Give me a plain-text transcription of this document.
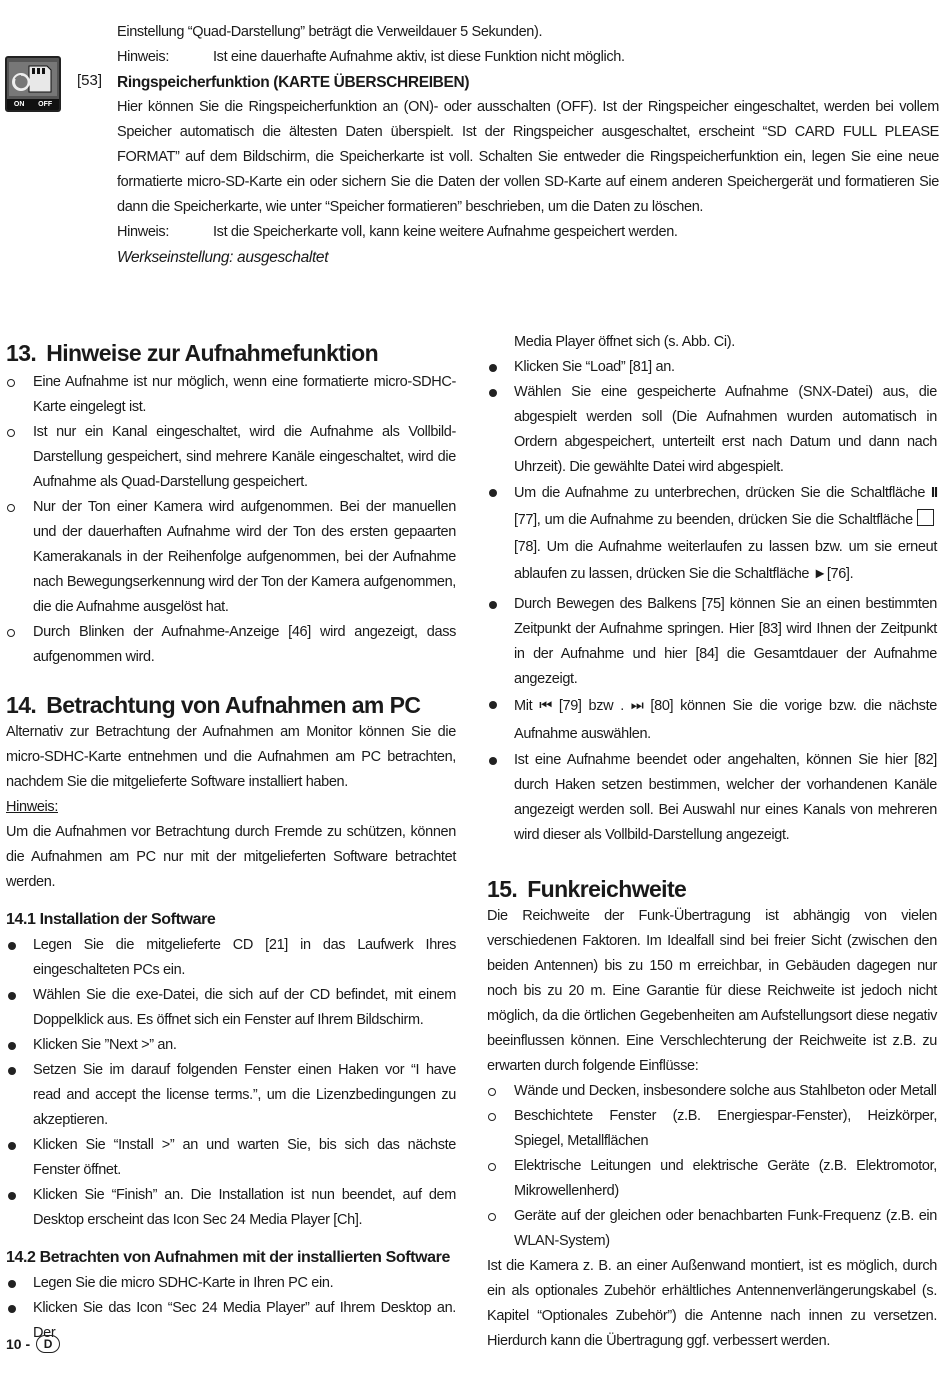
ON OFF
[53]

Einstellung “Quad-Darstellung” beträgt die Verweildauer 5 Sekunden).

Hinweis:	Ist eine dauerhafte Aufnahme aktiv, ist diese Funktion nicht möglich.

Ringspeicherfunktion (KARTE ÜBERSCHREIBEN)

Hier können Sie die Ringspeicherfunktion an (ON)- oder ausschalten (OFF). Ist der Ringspeicher eingeschaltet, werden bei vollem Speicher automatisch die ältesten Daten überspielt. Ist der Ringspeicher ausgeschaltet, erscheint “SD CARD FULL PLEASE FORMAT” auf dem Bildschirm, die Speicherkarte ist voll. Schalten Sie entweder die Ringspeicherfunktion ein, legen Sie eine neue formatierte micro-SD-Karte ein oder sichern Sie die Daten der vollen SD-Karte auf einem anderen Speichergerät und formatieren Sie dann die Speicherkarte, wie unter “Speicher formatieren” beschrieben, um die Daten zu löschen.

Hinweis:	Ist die Speicherkarte voll, kann keine weitere Aufnahme gespeichert werden.

Werkseinstellung: ausgeschaltet

13. Hinweise zur Aufnahmefunktion
Eine Aufnahme ist nur möglich, wenn eine formatierte micro-SDHC-Karte eingelegt ist.
Ist nur ein Kanal eingeschaltet, wird die Aufnahme als Vollbild-Darstellung gespeichert, sind mehrere Kanäle eingeschaltet, wird die Aufnahme als Quad-Darstellung gespeichert.
Nur der Ton einer Kamera wird aufgenommen. Bei der manuellen und der dauerhaften Aufnahme wird der Ton des ersten gepaarten Kamerakanals in der Reihenfolge aufgenommen, bei der Aufnahme nach Bewegungserkennung wird der Ton der Kamera aufgenommen, die die Aufnahme ausgelöst hat.
Durch Blinken der Aufnahme-Anzeige [46] wird angezeigt, dass aufgenommen wird.
14. Betrachtung von Aufnahmen am PC

Alternativ zur Betrachtung der Aufnahmen am Monitor können Sie die micro-SDHC-Karte entnehmen und die Aufnahmen am PC betrachten, nachdem Sie die mitgelieferte Software installiert haben.

Hinweis:

Um die Aufnahmen vor Betrachtung durch Fremde zu schützen, können die Aufnahmen am PC nur mit der mitgelieferten Software betrachtet werden.

14.1 Installation der Software
Legen Sie die mitgelieferte CD [21] in das Laufwerk Ihres eingeschalteten PCs ein.
Wählen Sie die exe-Datei, die sich auf der CD befindet, mit einem Doppelklick aus. Es öffnet sich ein Fenster auf Ihrem Bildschirm.
Klicken Sie ”Next >” an.
Setzen Sie im darauf folgenden Fenster einen Haken vor “I have read and accept the license terms.”, um die Lizenzbedingungen zu akzeptieren.
Klicken Sie “Install >” an und warten Sie, bis sich das nächste Fenster öffnet.
Klicken Sie “Finish” an. Die Installation ist nun beendet, auf dem Desktop erscheint das Icon Sec 24 Media Player [Ch].
14.2 Betrachten von Aufnahmen mit der installierten Software
Legen Sie die micro SDHC-Karte in Ihren PC ein.
Klicken Sie das Icon “Sec 24 Media Player” auf Ihrem Desktop an. Der

Media Player öffnet sich (s. Abb. Ci).

Klicken Sie “Load” [81] an.
Wählen Sie eine gespeicherte Aufnahme (SNX-Datei) aus, die abgespielt werden soll (Die Aufnahmen wurden automatisch in Ordern abgespeichert, unterteilt erst nach Datum und dann nach Uhrzeit). Die gewählte Datei wird abgespielt.
Um die Aufnahme zu unterbrechen, drücken Sie die Schaltfläche II [77], um die Aufnahme zu beenden, drücken Sie die Schaltfläche [78]. Um die Aufnahme weiterlaufen zu lassen bzw. um sie erneut ablaufen zu lassen, drücken Sie die Schaltfläche ►[76].
Durch Bewegen des Balkens [75] können Sie an einen bestimmten Zeitpunkt der Aufnahme springen. Hier [83] wird Ihnen der Zeitpunkt in der Aufnahme und hier [84] die Gesamtdauer der Aufnahme angezeigt.
Mit ⏮ [79] bzw . ⏭ [80] können Sie die vorige bzw. die nächste Aufnahme auswählen.
Ist eine Aufnahme beendet oder angehalten, können Sie hier [82] durch Haken setzen bestimmen, welcher der vorhandenen Kanäle angezeigt werden soll. Bei Auswahl nur eines Kanals von mehreren wird dieser als Vollbild-Darstellung angezeigt.
15. Funkreichweite

Die Reichweite der Funk-Übertragung ist abhängig von vielen verschiedenen Faktoren. Im Idealfall sind bei freier Sicht (zwischen den beiden Antennen) bis zu 150 m erreichbar, in Gebäuden dagegen nur noch bis zu 20 m. Eine Garantie für diese Reichweite ist jedoch nicht möglich, da die örtlichen Gegebenheiten am Aufstellungsort diese negativ beeinflussen können. Eine Verschlechterung der Reichweite ist z.B. zu erwarten durch folgende Einflüsse:

Wände und Decken, insbesondere solche aus Stahlbeton oder Metall
Beschichtete Fenster (z.B. Energiespar-Fenster), Heizkörper, Spiegel, Metallflächen
Elektrische Leitungen und elektrische Geräte (z.B. Elektromotor, Mikrowellenherd)
Geräte auf der gleichen oder benachbarten Funk-Frequenz (z.B. ein WLAN-System)

Ist die Kamera z. B. an einer Außenwand montiert, ist es möglich, durch ein als optionales Zubehör erhältliches Antennenverlängerungskabel (s. Kapitel “Optionales Zubehör”) die Antenne nach innen zu versetzen. Hierdurch kann die Übertragung ggf. verbessert werden.

10 -	D
